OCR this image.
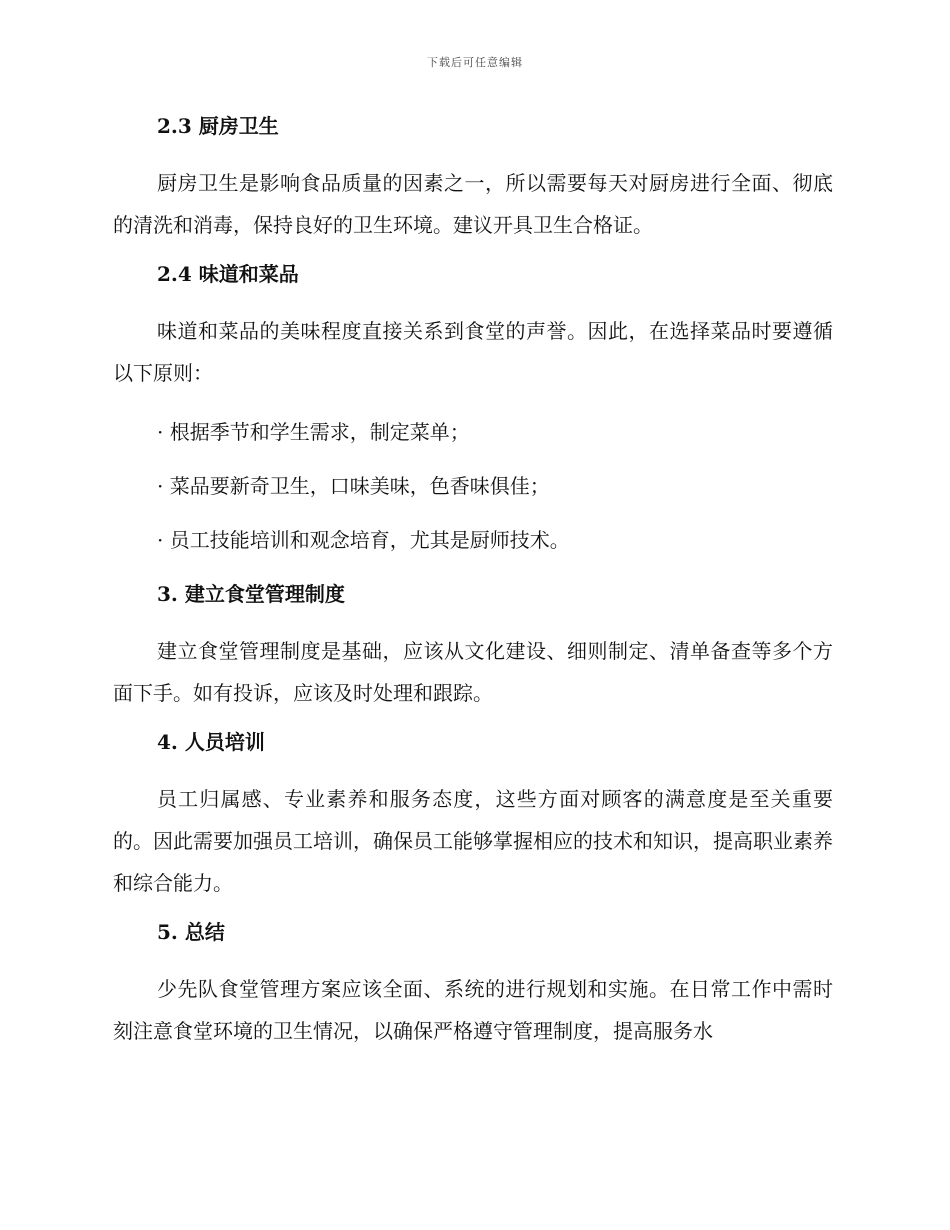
下载后可任意编辑
2.3 厨房卫生

厨房卫生是影响食品质量的因素之一，所以需要每天对厨房进行全面、彻底的清洗和消毒，保持良好的卫生环境。建议开具卫生合格证。

2.4 味道和菜品

味道和菜品的美味程度直接关系到食堂的声誉。因此，在选择菜品时要遵循以下原则：

· 根据季节和学生需求，制定菜单；
· 菜品要新奇卫生，口味美味，色香味俱佳；
· 员工技能培训和观念培育，尤其是厨师技术。
3. 建立食堂管理制度

建立食堂管理制度是基础，应该从文化建设、细则制定、清单备查等多个方面下手。如有投诉，应该及时处理和跟踪。

4. 人员培训

员工归属感、专业素养和服务态度，这些方面对顾客的满意度是至关重要的。因此需要加强员工培训，确保员工能够掌握相应的技术和知识，提高职业素养和综合能力。

5. 总结

少先队食堂管理方案应该全面、系统的进行规划和实施。在日常工作中需时刻注意食堂环境的卫生情况，以确保严格遵守管理制度，提高服务水
